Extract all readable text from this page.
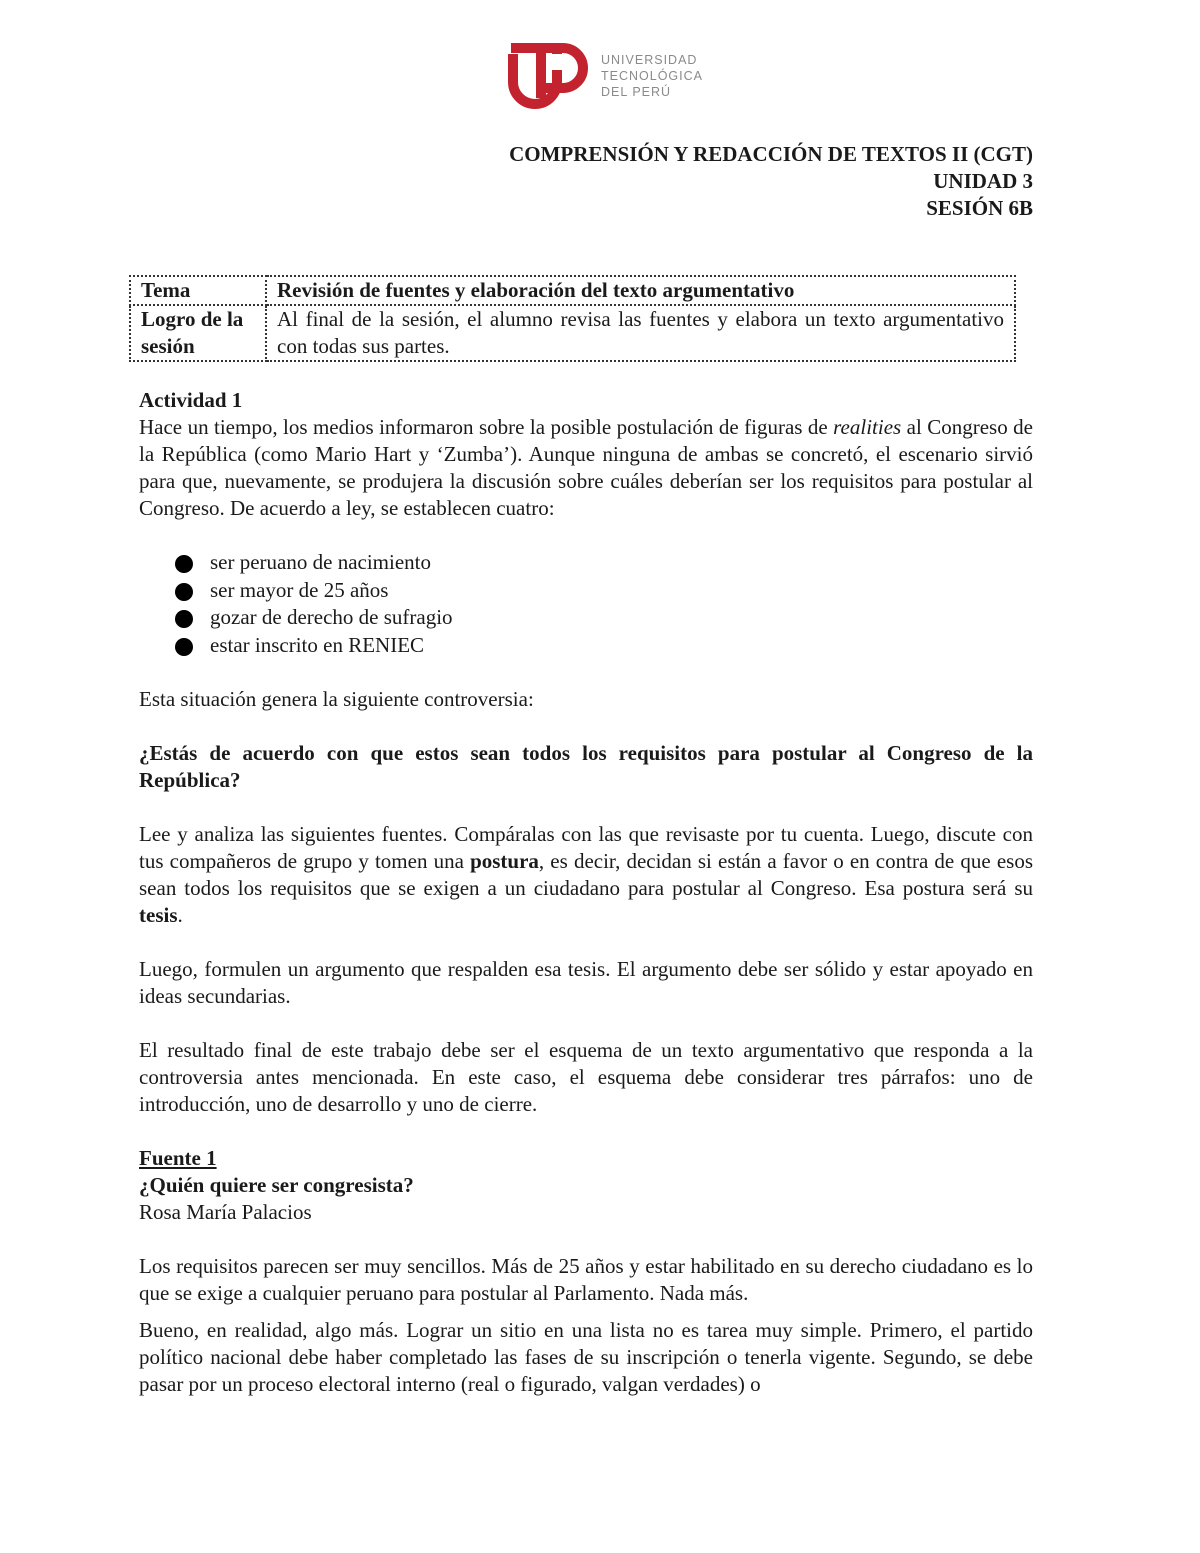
UNIVERSIDAD
TECNOLÓGICA
DEL PERÚ
COMPRENSIÓN Y REDACCIÓN DE TEXTOS II (CGT)
UNIDAD 3
SESIÓN 6B
Tema	Revisión de fuentes y elaboración del texto argumentativo
Logro de la sesión	Al final de la sesión, el alumno revisa las fuentes y elabora un texto argumentativo con todas sus partes.

Actividad 1

Hace un tiempo, los medios informaron sobre la posible postulación de figuras de realities al Congreso de la República (como Mario Hart y ‘Zumba’). Aunque ninguna de ambas se concretó, el escenario sirvió para que, nuevamente, se produjera la discusión sobre cuáles deberían ser los requisitos para postular al Congreso. De acuerdo a ley, se establecen cuatro:

ser peruano de nacimiento
ser mayor de 25 años
gozar de derecho de sufragio
estar inscrito en RENIEC

Esta situación genera la siguiente controversia:

¿Estás de acuerdo con que estos sean todos los requisitos para postular al Congreso de la República?

Lee y analiza las siguientes fuentes. Compáralas con las que revisaste por tu cuenta. Luego, discute con tus compañeros de grupo y tomen una postura, es decir, decidan si están a favor o en contra de que esos sean todos los requisitos que se exigen a un ciudadano para postular al Congreso. Esa postura será su tesis.

Luego, formulen un argumento que respalden esa tesis. El argumento debe ser sólido y estar apoyado en ideas secundarias.

El resultado final de este trabajo debe ser el esquema de un texto argumentativo que responda a la controversia antes mencionada. En este caso, el esquema debe considerar tres párrafos: uno de introducción, uno de desarrollo y uno de cierre.

Fuente 1

¿Quién quiere ser congresista?

Rosa María Palacios

Los requisitos parecen ser muy sencillos. Más de 25 años y estar habilitado en su derecho ciudadano es lo que se exige a cualquier peruano para postular al Parlamento. Nada más.

Bueno, en realidad, algo más. Lograr un sitio en una lista no es tarea muy simple. Primero, el partido político nacional debe haber completado las fases de su inscripción o tenerla vigente. Segundo, se debe pasar por un proceso electoral interno (real o figurado, valgan verdades) o
